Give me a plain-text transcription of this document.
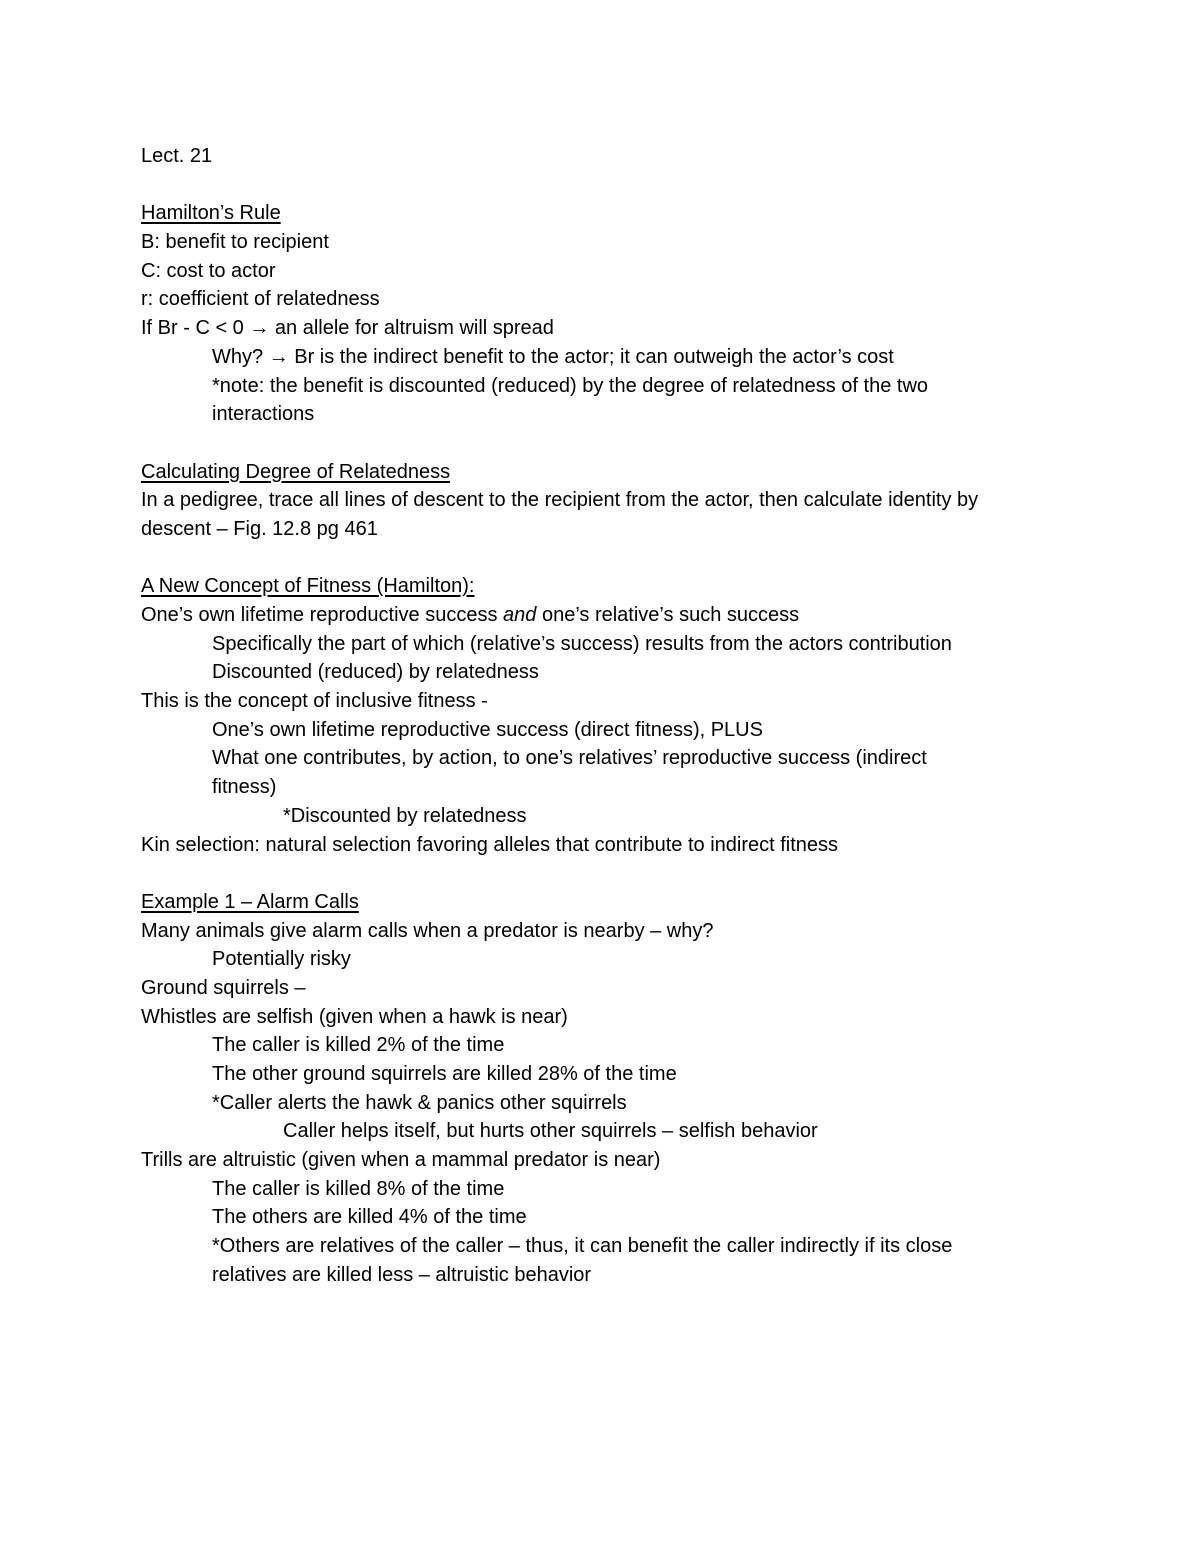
Lect. 21
Hamilton’s Rule
B: benefit to recipient
C: cost to actor
r: coefficient of relatedness
If Br - C < 0 → an allele for altruism will spread
Why? → Br is the indirect benefit to the actor; it can outweigh the actor’s cost
*note: the benefit is discounted (reduced) by the degree of relatedness of the two
interactions
Calculating Degree of Relatedness
In a pedigree, trace all lines of descent to the recipient from the actor, then calculate identity by
descent – Fig. 12.8 pg 461
A New Concept of Fitness (Hamilton):
One’s own lifetime reproductive success and one’s relative’s such success
Specifically the part of which (relative’s success) results from the actors contribution
Discounted (reduced) by relatedness
This is the concept of inclusive fitness -
One’s own lifetime reproductive success (direct fitness), PLUS
What one contributes, by action, to one’s relatives’ reproductive success (indirect
fitness)
*Discounted by relatedness
Kin selection: natural selection favoring alleles that contribute to indirect fitness
Example 1 – Alarm Calls
Many animals give alarm calls when a predator is nearby – why?
Potentially risky
Ground squirrels –
Whistles are selfish (given when a hawk is near)
The caller is killed 2% of the time
The other ground squirrels are killed 28% of the time
*Caller alerts the hawk & panics other squirrels
Caller helps itself, but hurts other squirrels – selfish behavior
Trills are altruistic (given when a mammal predator is near)
The caller is killed 8% of the time
The others are killed 4% of the time
*Others are relatives of the caller – thus, it can benefit the caller indirectly if its close
relatives are killed less – altruistic behavior
